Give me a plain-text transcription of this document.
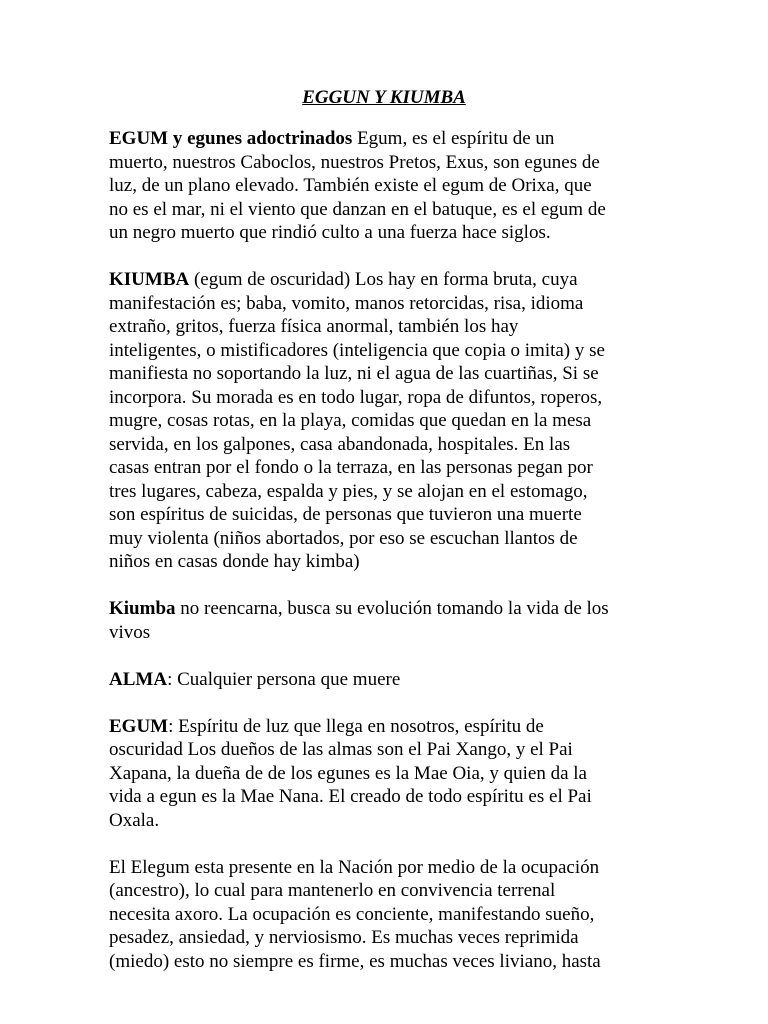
EGGUN Y KIUMBA
EGUM y egunes adoctrinados Egum, es el espíritu de un
muerto, nuestros Caboclos, nuestros Pretos, Exus, son egunes de
luz, de un plano elevado. También existe el egum de Orixa, que
no es el mar, ni el viento que danzan en el batuque, es el egum de
un negro muerto que rindió culto a una fuerza hace siglos.
KIUMBA (egum de oscuridad) Los hay en forma bruta, cuya
manifestación es; baba, vomito, manos retorcidas, risa, idioma
extraño, gritos, fuerza física anormal, también los hay
inteligentes, o mistificadores (inteligencia que copia o imita) y se
manifiesta no soportando la luz, ni el agua de las cuartiñas, Si se
incorpora. Su morada es en todo lugar, ropa de difuntos, roperos,
mugre, cosas rotas, en la playa, comidas que quedan en la mesa
servida, en los galpones, casa abandonada, hospitales. En las
casas entran por el fondo o la terraza, en las personas pegan por
tres lugares, cabeza, espalda y pies, y se alojan en el estomago,
son espíritus de suicidas, de personas que tuvieron una muerte
muy violenta (niños abortados, por eso se escuchan llantos de
niños en casas donde hay kimba)
Kiumba no reencarna, busca su evolución tomando la vida de los
vivos
ALMA: Cualquier persona que muere
EGUM: Espíritu de luz que llega en nosotros, espíritu de
oscuridad Los dueños de las almas son el Pai Xango, y el Pai
Xapana, la dueña de de los egunes es la Mae Oia, y quien da la
vida a egun es la Mae Nana. El creado de todo espíritu es el Pai
Oxala.
El Elegum esta presente en la Nación por medio de la ocupación
(ancestro), lo cual para mantenerlo en convivencia terrenal
necesita axoro. La ocupación es conciente, manifestando sueño,
pesadez, ansiedad, y nerviosismo. Es muchas veces reprimida
(miedo) esto no siempre es firme, es muchas veces liviano, hasta
